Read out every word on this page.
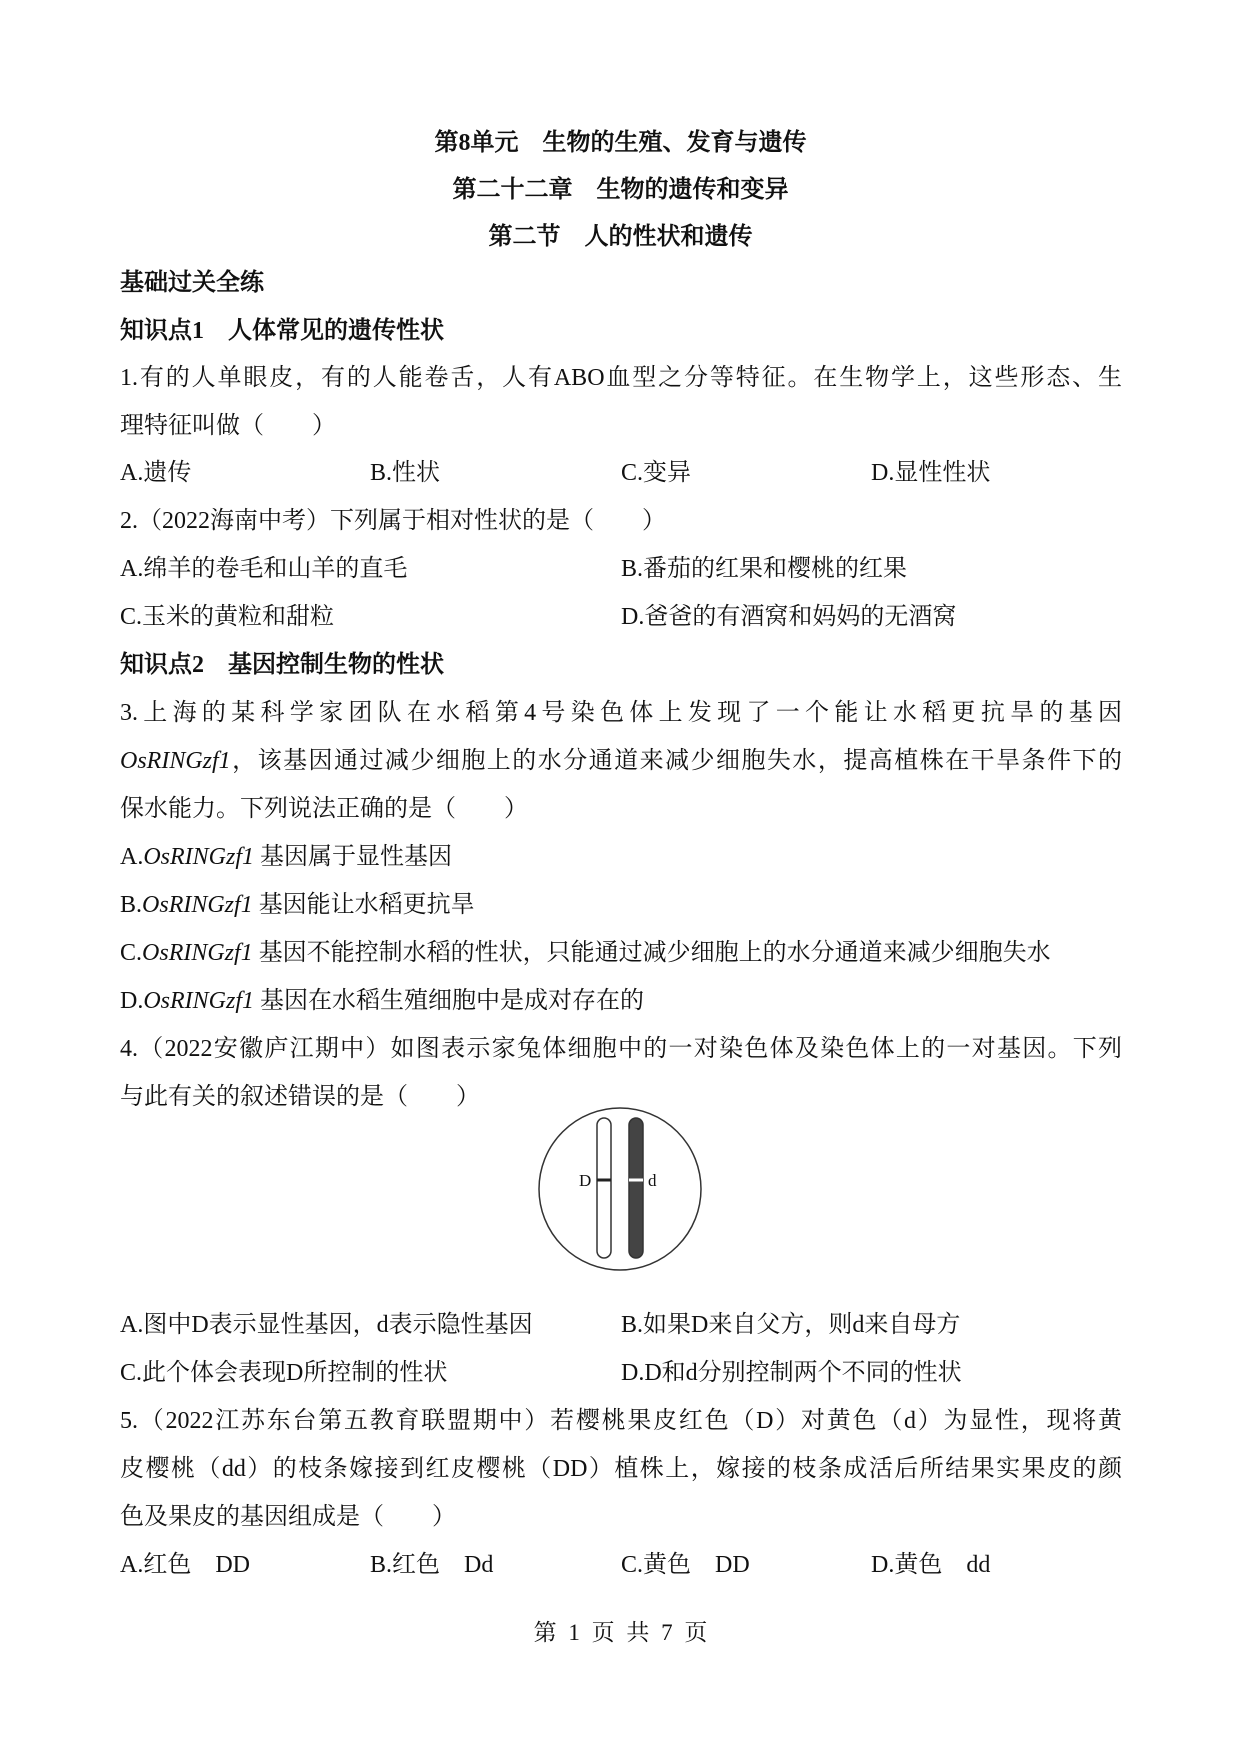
第8单元　生物的生殖、发育与遗传
第二十二章　生物的遗传和变异
第二节　人的性状和遗传
基础过关全练
知识点1　人体常见的遗传性状
1.有的人单眼皮，有的人能卷舌，人有ABO血型之分等特征。在生物学上，这些形态、生
理特征叫做（　　）
A.遗传	B.性状	C.变异	D.显性性状
2.（2022海南中考）下列属于相对性状的是（　　）
A.绵羊的卷毛和山羊的直毛	B.番茄的红果和樱桃的红果
C.玉米的黄粒和甜粒	D.爸爸的有酒窝和妈妈的无酒窝
知识点2　基因控制生物的性状
3.上海的某科学家团队在水稻第4号染色体上发现了一个能让水稻更抗旱的基因
OsRINGzf1，该基因通过减少细胞上的水分通道来减少细胞失水，提高植株在干旱条件下的
保水能力。下列说法正确的是（　　）
A.OsRINGzf1 基因属于显性基因
B.OsRINGzf1 基因能让水稻更抗旱
C.OsRINGzf1 基因不能控制水稻的性状，只能通过减少细胞上的水分通道来减少细胞失水
D.OsRINGzf1 基因在水稻生殖细胞中是成对存在的
4.（2022安徽庐江期中）如图表示家兔体细胞中的一对染色体及染色体上的一对基因。下列
与此有关的叙述错误的是（　　）
D	d
A.图中D表示显性基因，d表示隐性基因	B.如果D来自父方，则d来自母方
C.此个体会表现D所控制的性状	D.D和d分别控制两个不同的性状
5.（2022江苏东台第五教育联盟期中）若樱桃果皮红色（D）对黄色（d）为显性，现将黄
皮樱桃（dd）的枝条嫁接到红皮樱桃（DD）植株上，嫁接的枝条成活后所结果实果皮的颜
色及果皮的基因组成是（　　）
A.红色　DD	B.红色　Dd	C.黄色　DD	D.黄色　dd
第 1 页 共 7 页
